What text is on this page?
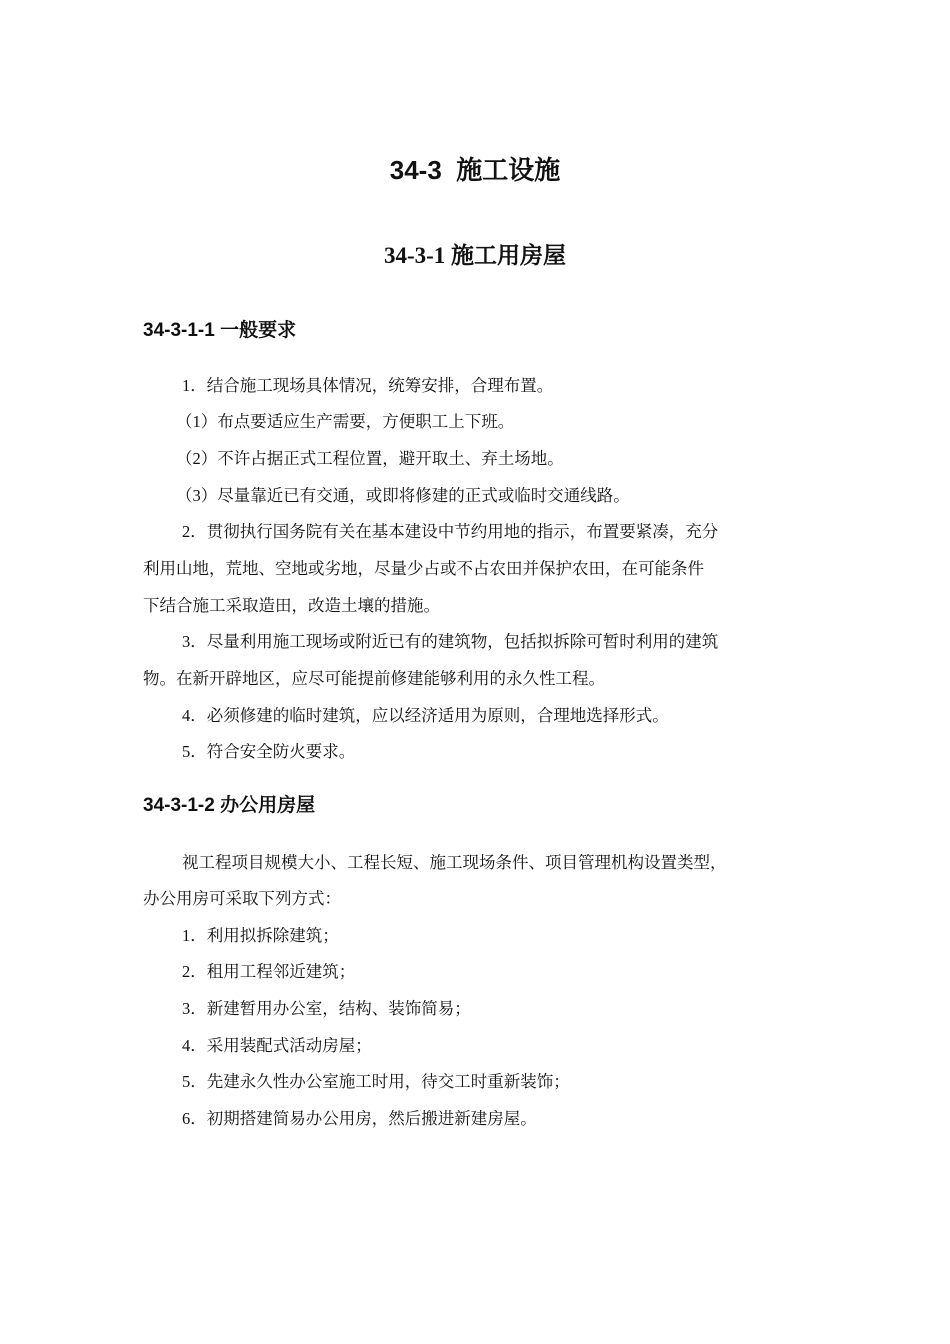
34-3  施工设施
34-3-1 施工用房屋
34-3-1-1 一般要求
1．结合施工现场具体情况，统筹安排，合理布置。
（1）布点要适应生产需要，方便职工上下班。
（2）不许占据正式工程位置，避开取土、弃土场地。
（3）尽量靠近已有交通，或即将修建的正式或临时交通线路。
2．贯彻执行国务院有关在基本建设中节约用地的指示，布置要紧凑，充分
利用山地，荒地、空地或劣地，尽量少占或不占农田并保护农田，在可能条件
下结合施工采取造田，改造土壤的措施。
3．尽量利用施工现场或附近已有的建筑物，包括拟拆除可暂时利用的建筑
物。在新开辟地区，应尽可能提前修建能够利用的永久性工程。
4．必须修建的临时建筑，应以经济适用为原则，合理地选择形式。
5．符合安全防火要求。
34-3-1-2 办公用房屋
视工程项目规模大小、工程长短、施工现场条件、项目管理机构设置类型，
办公用房可采取下列方式：
1．利用拟拆除建筑；
2．租用工程邻近建筑；
3．新建暂用办公室，结构、装饰简易；
4．采用装配式活动房屋；
5．先建永久性办公室施工时用，待交工时重新装饰；
6．初期搭建简易办公用房，然后搬进新建房屋。
